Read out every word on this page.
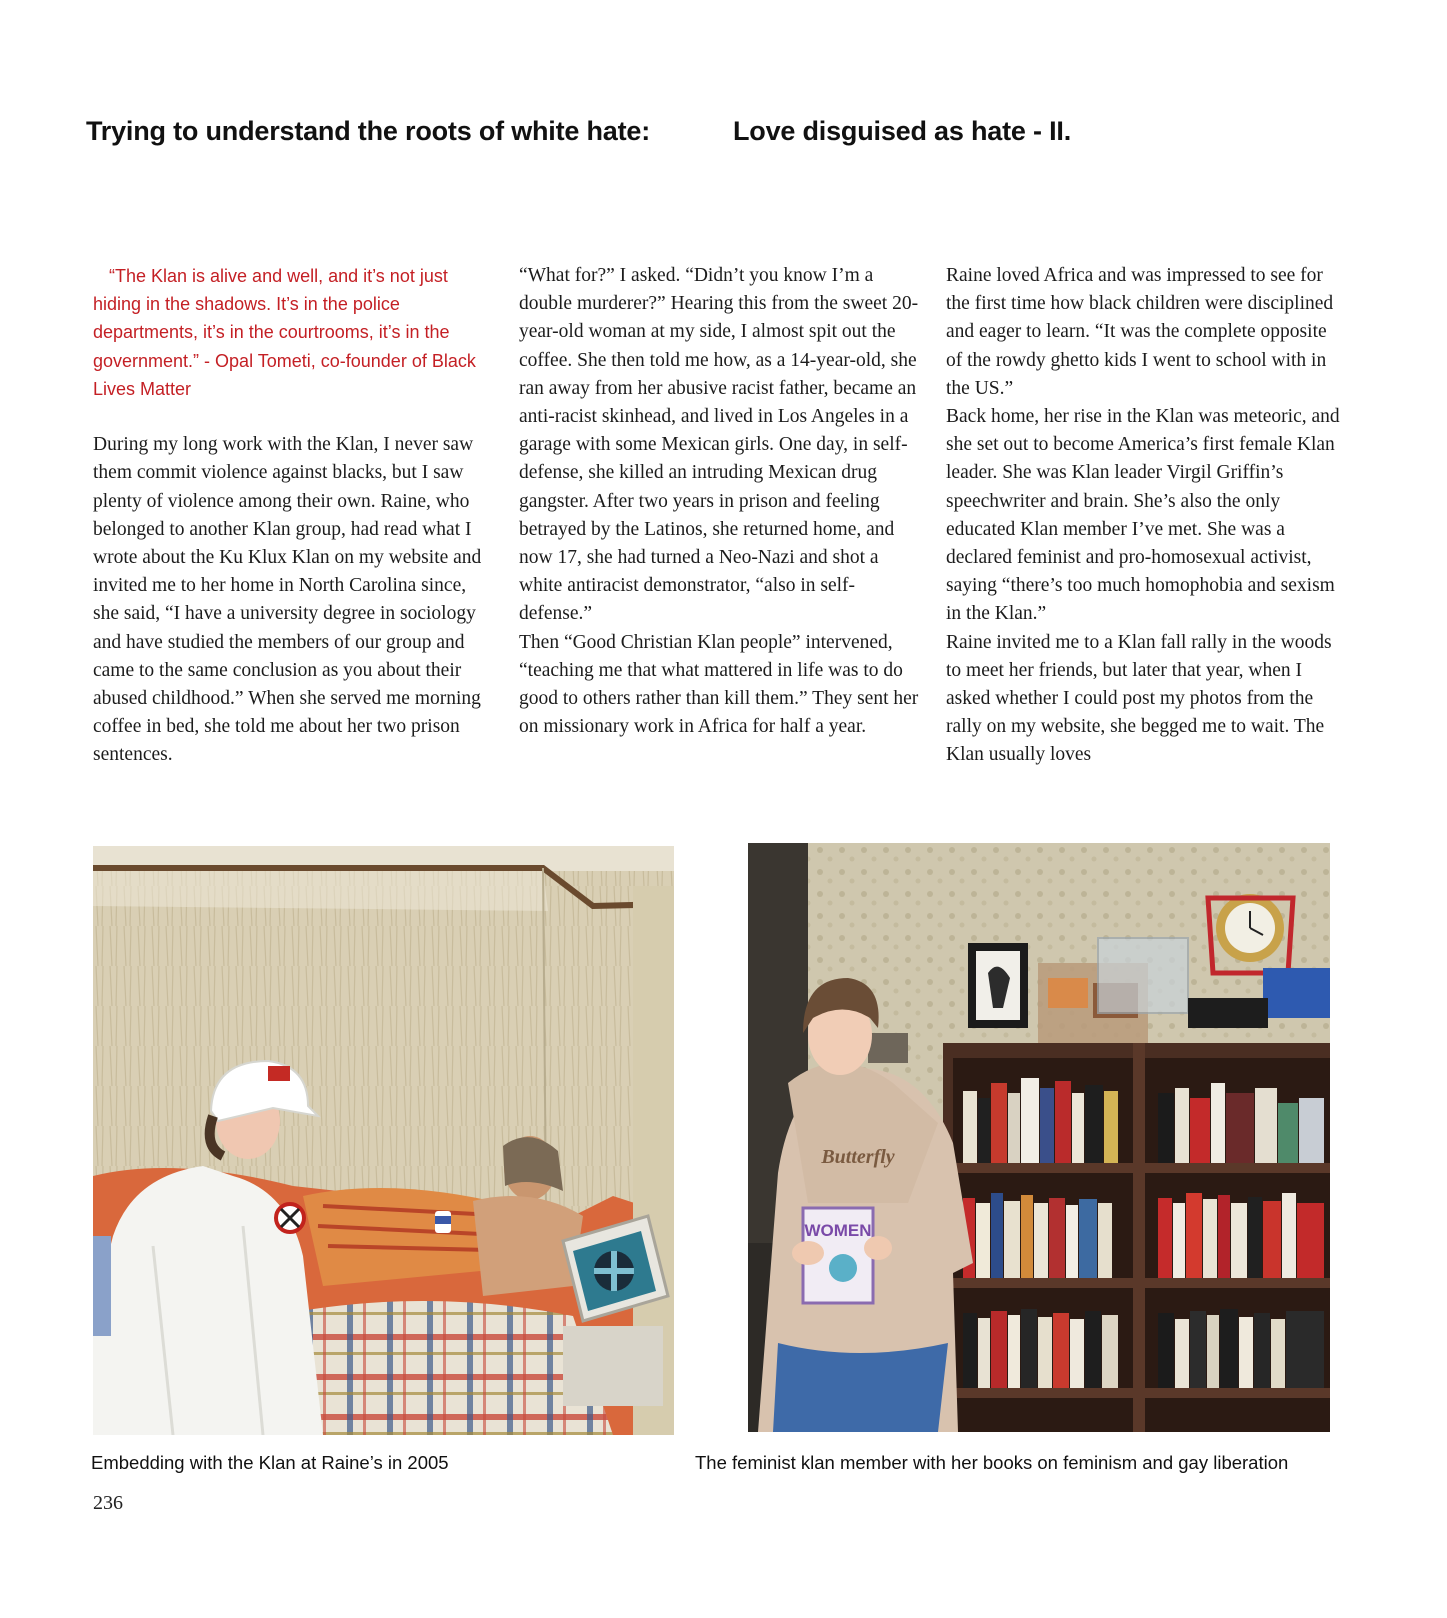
Trying to understand the roots of white hate:	Love disguised as hate - II.

“The Klan is alive and well, and it’s not just hiding in the shadows. It’s in the police departments, it’s in the courtrooms, it’s in the government.” - Opal Tometi, co-founder of Black Lives Matter

During my long work with the Klan, I never saw them commit violence against blacks, but I saw plenty of violence among their own. Raine, who belonged to another Klan group, had read what I wrote about the Ku Klux Klan on my website and invited me to her home in North Carolina since, she said, “I have a university degree in sociology and have studied the members of our group and came to the same conclusion as you about their abused childhood.” When she served me morning coffee in bed, she told me about her two prison sentences.

“What for?” I asked. “Didn’t you know I’m a double murderer?” Hearing this from the sweet 20-year-old woman at my side, I almost spit out the coffee. She then told me how, as a 14-year-old, she ran away from her abusive racist father, became an anti-racist skinhead, and lived in Los Angeles in a garage with some Mexican girls. One day, in self-defense, she killed an intruding Mexican drug gangster. After two years in prison and feeling betrayed by the Latinos, she returned home, and now 17, she had turned a Neo-Nazi and shot a white antiracist demonstrator, “also in self-defense.”

Then “Good Christian Klan people” intervened, “teaching me that what mattered in life was to do good to others rather than kill them.” They sent her on missionary work in Africa for half a year.

Raine loved Africa and was impressed to see for the first time how black children were disciplined and eager to learn. “It was the complete opposite of the rowdy ghetto kids I went to school with in the US.”

Back home, her rise in the Klan was meteoric, and she set out to become America’s first female Klan leader. She was Klan leader Virgil Griffin’s speechwriter and brain. She’s also the only educated Klan member I’ve met. She was a declared feminist and pro-homosexual activist, saying “there’s too much homophobia and sexism in the Klan.”

Raine invited me to a Klan fall rally in the woods to meet her friends, but later that year, when I asked whether I could post my photos from the rally on my website, she begged me to wait. The Klan usually loves

WOMEN
Butterfly
Embedding with the Klan at Raine’s in 2005	The feminist klan member with her books on feminism and gay liberation
236
